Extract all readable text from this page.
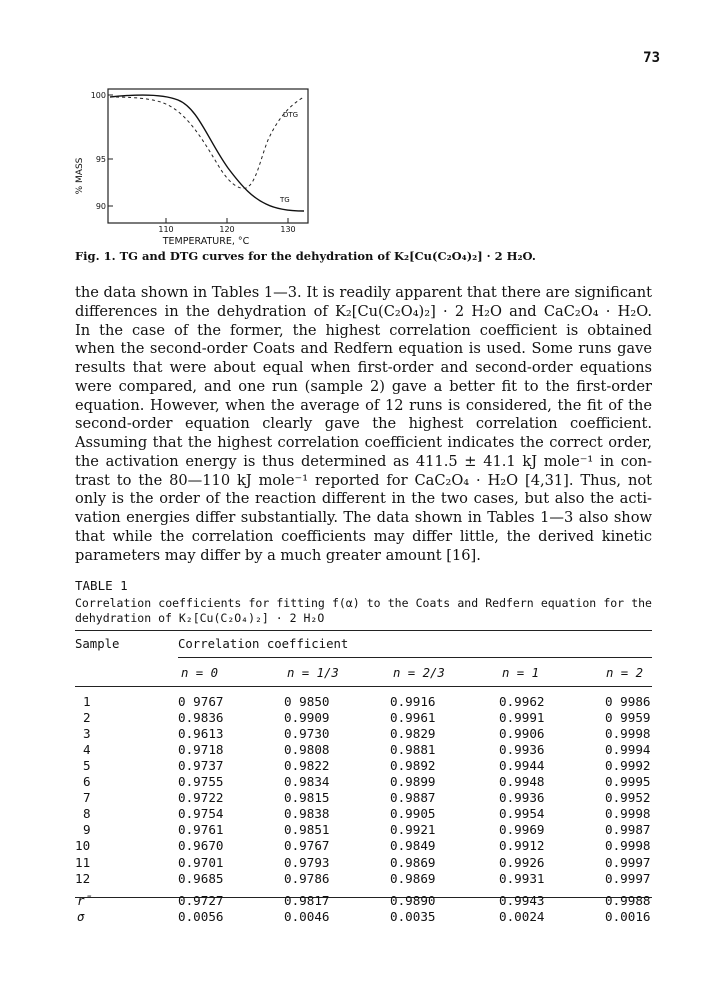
73
100
95
90
% MASS
110	120	130
TEMPERATURE, °C
DTG
TG
Fig. 1. TG and DTG curves for the dehydration of K₂[Cu(C₂O₄)₂] · 2 H₂O.
the data shown in Tables 1—3. It is readily apparent that there are significant
differences in the dehydration of K₂[Cu(C₂O₄)₂] · 2 H₂O and CaC₂O₄ · H₂O.
In the case of the former, the highest correlation coefficient is obtained
when the second-order Coats and Redfern equation is used. Some runs gave
results that were about equal when first-order and second-order equations
were compared, and one run (sample 2) gave a better fit to the first-order
equation. However, when the average of 12 runs is considered, the fit of the
second-order equation clearly gave the highest correlation coefficient.
Assuming that the highest correlation coefficient indicates the correct order,
the activation energy is thus determined as 411.5 ± 41.1 kJ mole⁻¹ in con-
trast to the 80—110 kJ mole⁻¹ reported for CaC₂O₄ · H₂O [4,31]. Thus, not
only is the order of the reaction different in the two cases, but also the acti-
vation energies differ substantially. The data shown in Tables 1—3 also show
that while the correlation coefficients may differ little, the derived kinetic
parameters may differ by a much greater amount [16].
TABLE 1
Correlation coefficients for fitting f(α) to the Coats and Redfern equation for the dehydration of K₂[Cu(C₂O₄)₂] · 2 H₂O
Sample	Correlation coefficient
n = 0	n = 1/3	n = 2/3	n = 1	n = 2
1	0 9767	0 9850	0.9916	0.9962	0 9986
2	0.9836	0.9909	0.9961	0.9991	0 9959
3	0.9613	0.9730	0.9829	0.9906	0.9998
4	0.9718	0.9808	0.9881	0.9936	0.9994
5	0.9737	0.9822	0.9892	0.9944	0.9992
6	0.9755	0.9834	0.9899	0.9948	0.9995
7	0.9722	0.9815	0.9887	0.9936	0.9952
8	0.9754	0.9838	0.9905	0.9954	0.9998
9	0.9761	0.9851	0.9921	0.9969	0.9987
10	0.9670	0.9767	0.9849	0.9912	0.9998
11	0.9701	0.9793	0.9869	0.9926	0.9997
12	0.9685	0.9786	0.9869	0.9931	0.9997
r̄	0.9727	0.9817	0.9890	0.9943	0.9988
σ	0.0056	0.0046	0.0035	0.0024	0.0016
